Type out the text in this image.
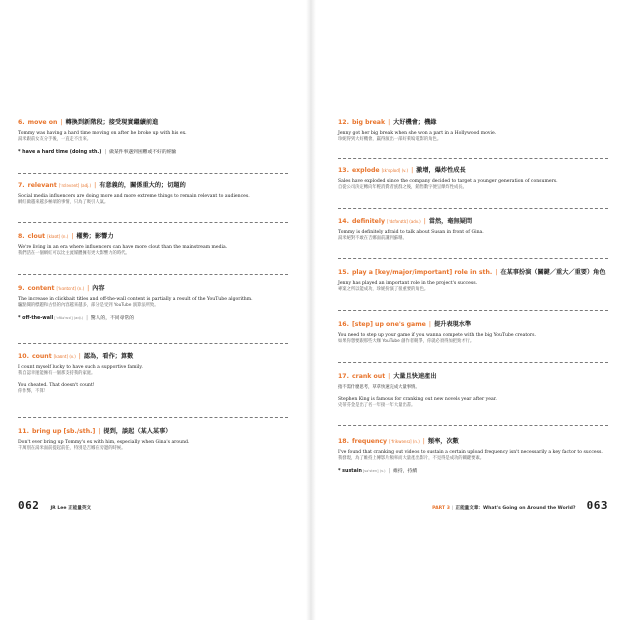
6. move on | 轉換到新階段；接受現實繼續前進
Tommy was having a hard time moving on after he broke up with his ex.
湯米跟前女友分手後，一直走不出來。
* have a hard time (doing sth.) | 做某件事遇到困難或不好的經驗
7. relevant [ˈrɛləvənt] (adj.) | 有意義的，關係重大的；切題的
Social media influencers are doing more and more extreme things to remain relevant to audiences.
網紅做越來越多極端的事情，只為了吸引人氣。
8. clout [klaʊt] (n.) | 權勢；影響力
We're living in an era where influencers can have more clout than the mainstream media.
我們活在一個網紅可以比主流媒體擁有更大影響力的時代。
9. content [ˈkɑntɛnt] (n.) | 內容
The increase in clickbait titles and off-the-wall content is partially a result of the YouTube algorithm.
騙點閱的標題和古怪的內容越來越多，部分是受到 YouTube 演算法所致。
* off-the-wall[ˈɔfðəˈwɔl] (adj.) | 驚人的，不同尋常的
10. count [kaʊnt] (v.) | 認為，看作；算數
I count myself lucky to have such a supportive family.
我自認幸運能擁有一個那支持我的家庭。
You cheated. That doesn't count!
你作弊，不算！
11. bring up [sb./sth.] | 提到，談起（某人某事）
Don't ever bring up Tommy's ex with him, especially when Gina's around.
千萬別在湯米面前提起前任，特別是吉娜在旁邊的時候。
062 JR Lee 正能量英文
12. big break | 大好機會；機緣
Jenny got her big break when she won a part in a Hollywood movie.
珍妮得到大好機會，贏得演出一部好萊塢電影的角色。
13. explode [ɪkˈsplod] (v.) | 激增，爆炸性成長
Sales have exploded since the company decided to target a younger generation of consumers.
自從公司決定轉向年輕消費者族群之後，銷售數字便呈爆炸性成長。
14. definitely [ˈdɛfənɪtlɪ] (adv.) | 當然，毫無疑問
Tommy is definitely afraid to talk about Susan in front of Gina.
湯米絕對不敢在吉娜面前講到蘇珊。
15. play a [key/major/important] role in sth. | 在某事扮演（關鍵／重大／重要）角色
Jenny has played an important role in the project's success.
專案之所以能成功，珍妮扮演了很重要的角色。
16. [step] up one's game | 提升表現水準
You need to step up your game if you wanna compete with the big YouTube creators.
如果你想要跟那些大咖 YouTube 創作者競爭，你就必須得加把勁才行。
17. crank out | 大量且快速產出
指不需什麼思考，草草快速完成大量事情。
Stephen King is famous for cranking out new novels year after year.
史蒂芬金是出了名一年接一年大量出書。
18. frequency [ˈfrikwənsɪ] (n.) | 頻率，次數
I've found that cranking out videos to sustain a certain upload frequency isn't necessarily a key factor to success.
我發現，為了維持上傳影片頻率而大量產出影片，不見得是成功的關鍵要素。
* sustain[səˈsten] (v.) | 維持，持續
PART 3 | 正能量文章：What's Going on Around the World? 063
